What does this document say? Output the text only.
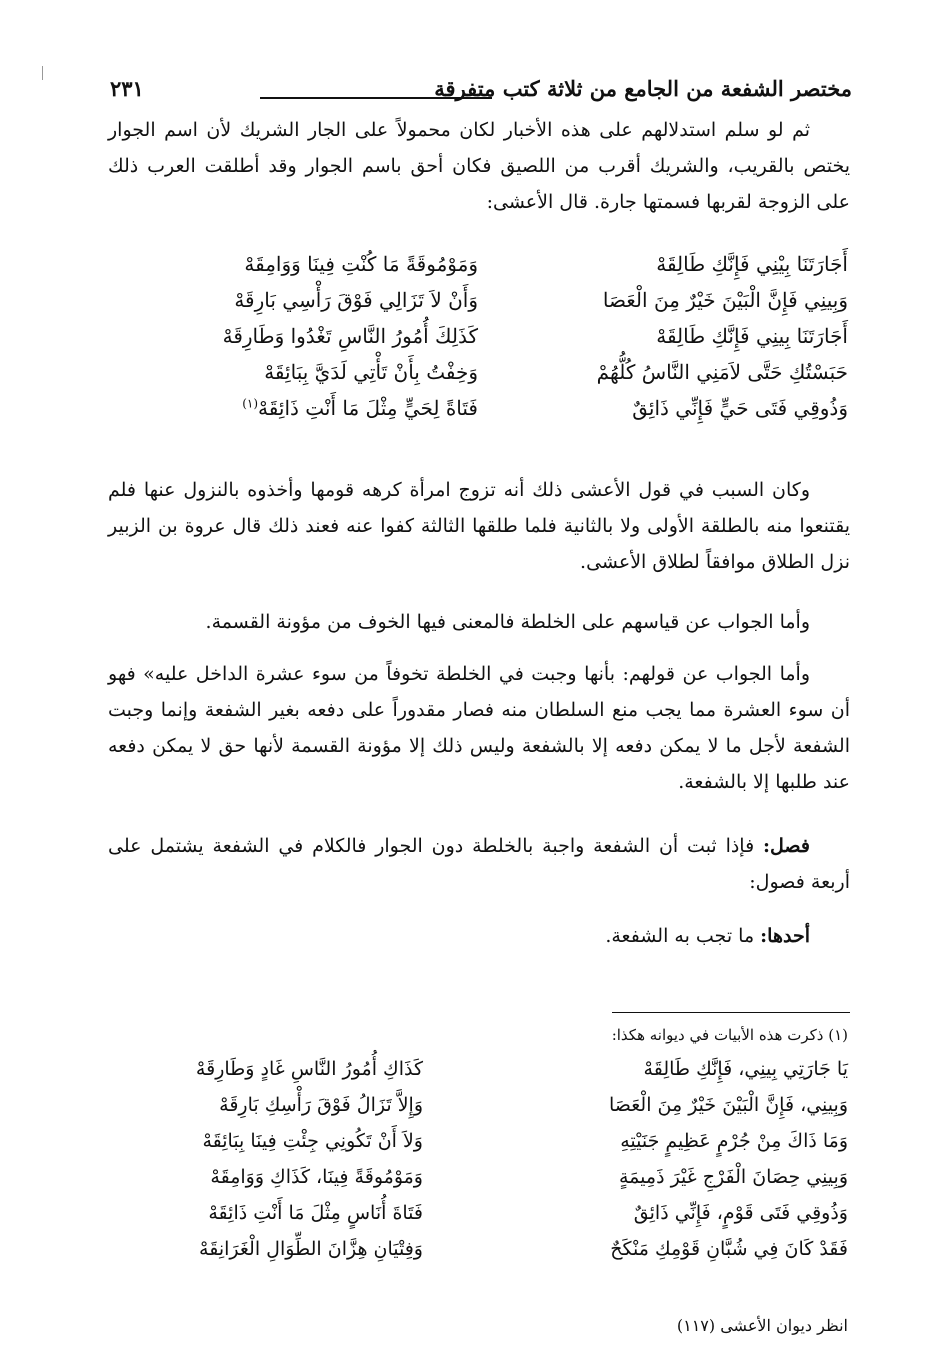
مختصر الشفعة من الجامع من ثلاثة كتب متفرقة
٢٣١

ثم لو سلم استدلالهم على هذه الأخبار لكان محمولاً على الجار الشريك لأن اسم الجوار يختص بالقريب، والشريك أقرب من اللصيق فكان أحق باسم الجوار وقد أطلقت العرب ذلك على الزوجة لقربها فسمتها جارة. قال الأعشى:

أَجَارَتَنَا بِيْنِي فَإِنَّكِ طَالِقَهْ
وَمَوْمُوقَةً مَا كُنْتِ فِينَا وَوَامِقَهْ
وَبِينِي فَإِنَّ الْبَيْنَ خَيْرٌ مِنَ الْعَصَا
وَأَنْ لاَ تَزَالِي فَوْقَ رَأْسِي بَارِقَهْ
أَجَارَتَنَا بِينِي فَإِنَّكِ طَالِقَهْ
كَذَلِكَ أُمُورُ النَّاسِ تَغْدُوا وَطَارِقَهْ
حَبَسْتُكِ حَتَّى لاَمَنِي النَّاسُ كُلُّهُمْ
وَخِفْتُ بِأَنْ تَأْتِي لَدَيَّ بِبَائِقَهْ
وَذُوقِي فَتَى حَيٍّ فَإِنِّي ذَائِقٌ
فَتَاةً لِحَيٍّ مِثْلَ مَا أَنْتِ ذَائِقَهْ$^{(١)}$

وكان السبب في قول الأعشى ذلك أنه تزوج امرأة كرهه قومها وأخذوه بالنزول عنها فلم يقتنعوا منه بالطلقة الأولى ولا بالثانية فلما طلقها الثالثة كفوا عنه فعند ذلك قال عروة بن الزبير نزل الطلاق موافقاً لطلاق الأعشى.

وأما الجواب عن قياسهم على الخلطة فالمعنى فيها الخوف من مؤونة القسمة.

وأما الجواب عن قولهم: بأنها وجبت في الخلطة تخوفاً من سوء عشرة الداخل عليه» فهو أن سوء العشرة مما يجب منع السلطان منه فصار مقدوراً على دفعه بغير الشفعة وإنما وجبت الشفعة لأجل ما لا يمكن دفعه إلا بالشفعة وليس ذلك إلا مؤونة القسمة لأنها حق لا يمكن دفعه عند طلبها إلا بالشفعة.

فصل: فإذا ثبت أن الشفعة واجبة بالخلطة دون الجوار فالكلام في الشفعة يشتمل على أربعة فصول:

أحدها: ما تجب به الشفعة.

(١) ذكرت هذه الأبيات في ديوانه هكذا:
يَا جَارَتِي بِينِي، فَإِنَّكِ طَالِقَهْ
كَذَاكِ أُمُورُ النَّاسِ غَادٍ وَطَارِقَهْ
وَبِينِي، فَإِنَّ الْبَيْنَ خَيْرٌ مِنَ الْعَصَا
وَإِلاَّ تَزَالُ فَوْقَ رَأْسِكِ بَارِقَهْ
وَمَا ذَاكَ مِنْ جُرْمٍ عَظِيمٍ جَنَيْتِهِ
وَلاَ أَنْ تَكُونِي جِئْتِ فِينَا بِبَائِقَهْ
وَبِينِي حِصَانَ الْفَرْجِ غَيْرَ ذَمِيمَةٍ
وَمَوْمُوقَةً فِينَا، كَذَاكِ وَوَامِقَهْ
وَذُوقِي فَتَى قَوْمٍ، فَإِنِّي ذَائِقٌ
فَتَاةَ أُنَاسٍ مِثْلَ مَا أَنْتِ ذَائِقَهْ
فَقَدْ كَانَ فِي شُبَّانِ قَوْمِكِ مَنْكَحٌ
وَفِتْيَانِ هِزَّانَ الطِّوَالِ الْغَرَانِقَهْ
انظر ديوان الأعشى (١١٧)
